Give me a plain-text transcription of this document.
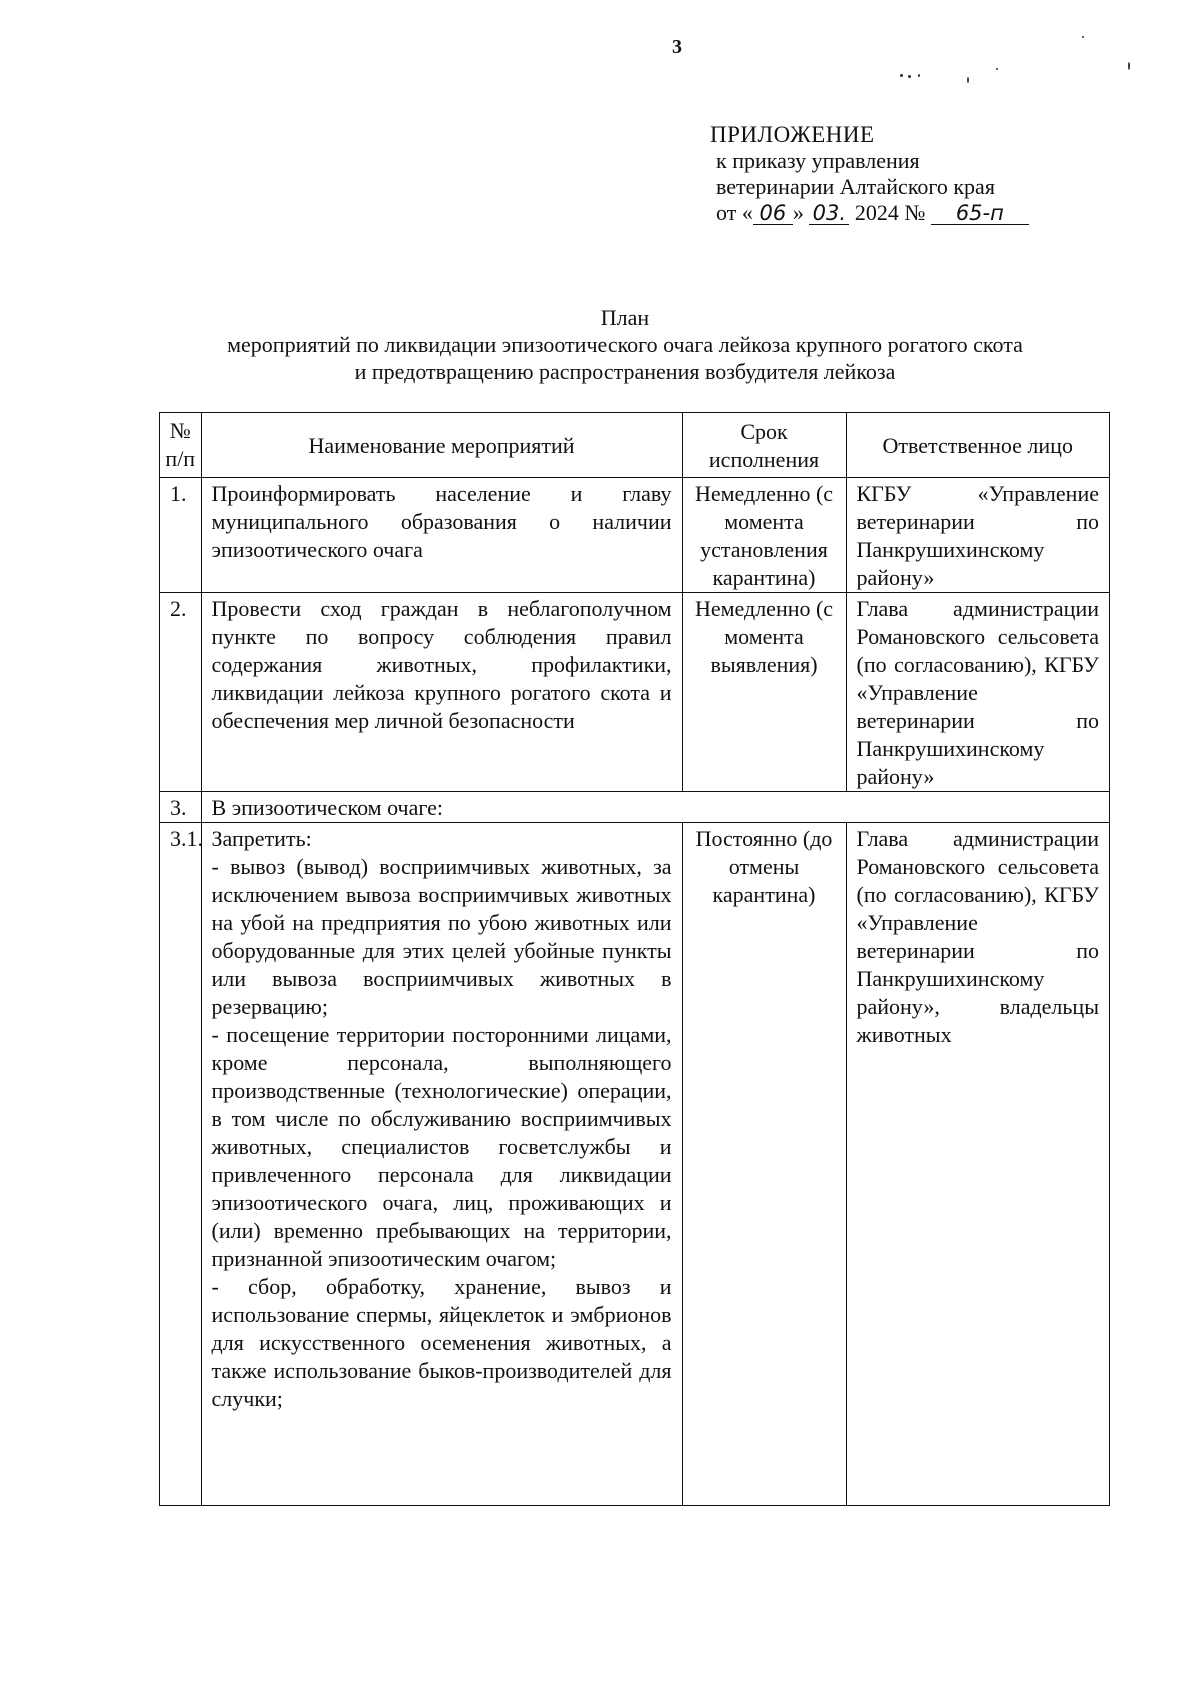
3
ПРИЛОЖЕНИЕ
к приказу управления
ветеринарии Алтайского края
от « 06 » 03. 2024 № 65-п
План
мероприятий по ликвидации эпизоотического очага лейкоза крупного рогатого скота
и предотвращению распространения возбудителя лейкоза
№ п/п	Наименование мероприятий	Срок исполнения	Ответственное лицо
1.	Проинформировать население и главу муниципального образования о наличии эпизоотического очага	Немедленно (с момента установления карантина)	КГБУ «Управление ветеринарии по Панкрушихинскому району»
2.	Провести сход граждан в неблагополучном пункте по вопросу соблюдения правил содержания животных, профилактики, ликвидации лейкоза крупного рогатого скота и обеспечения мер личной безопасности	Немедленно (с момента выявления)	Глава администрации Романовского сельсовета (по согласованию), КГБУ «Управление ветеринарии по Панкрушихинскому району»
3.	В эпизоотическом очаге:		
3.1.	Запретить:
- вывоз (вывод) восприимчивых животных, за исключением вывоза восприимчивых животных на убой на предприятия по убою животных или оборудованные для этих целей убойные пункты или вывоза восприимчивых животных в резервацию;
- посещение территории посторонними лицами, кроме персонала, выполняющего производственные (технологические) операции, в том числе по обслуживанию восприимчивых животных, специалистов госветслужбы и привлеченного персонала для ликвидации эпизоотического очага, лиц, проживающих и (или) временно пребывающих на территории, признанной эпизоотическим очагом;
- сбор, обработку, хранение, вывоз и использование спермы, яйцеклеток и эмбрионов для искусственного осеменения животных, а также использование быков-производителей для случки;	Постоянно (до отмены карантина)	Глава администрации Романовского сельсовета (по согласованию), КГБУ «Управление ветеринарии по Панкрушихинскому району», владельцы животных
